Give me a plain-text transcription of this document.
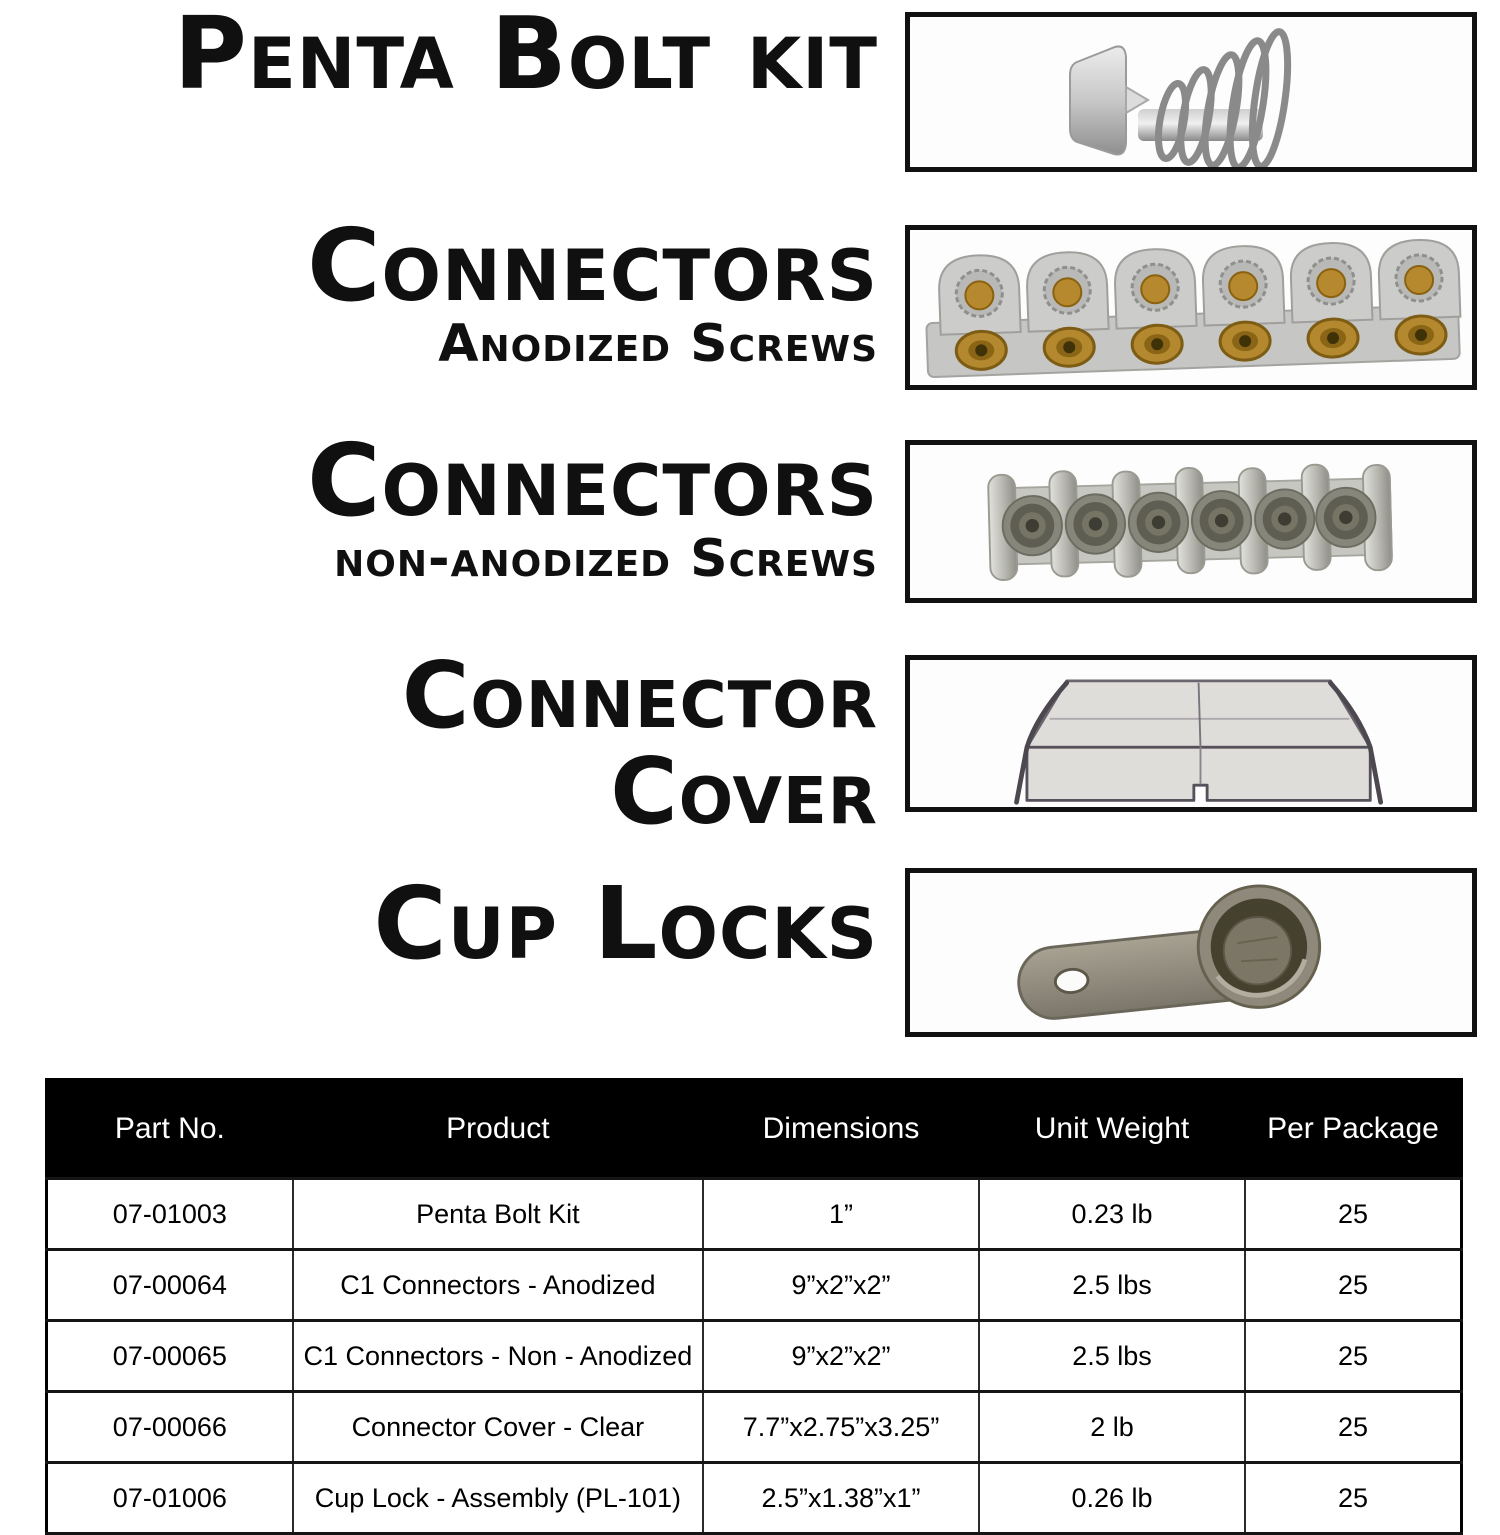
Penta Bolt kit
Connectors
Anodized Screws
Connectors
non-anodized Screws
Connector
Cover
Cup Locks
Part No.	Product	Dimensions	Unit Weight	Per Package
07-01003	Penta Bolt Kit	1”	0.23 lb	25
07-00064	C1 Connectors - Anodized	9”x2”x2”	2.5 lbs	25
07-00065	C1 Connectors - Non - Anodized	9”x2”x2”	2.5 lbs	25
07-00066	Connector Cover - Clear	7.7”x2.75”x3.25”	2 lb	25
07-01006	Cup Lock - Assembly (PL-101)	2.5”x1.38”x1”	0.26 lb	25
